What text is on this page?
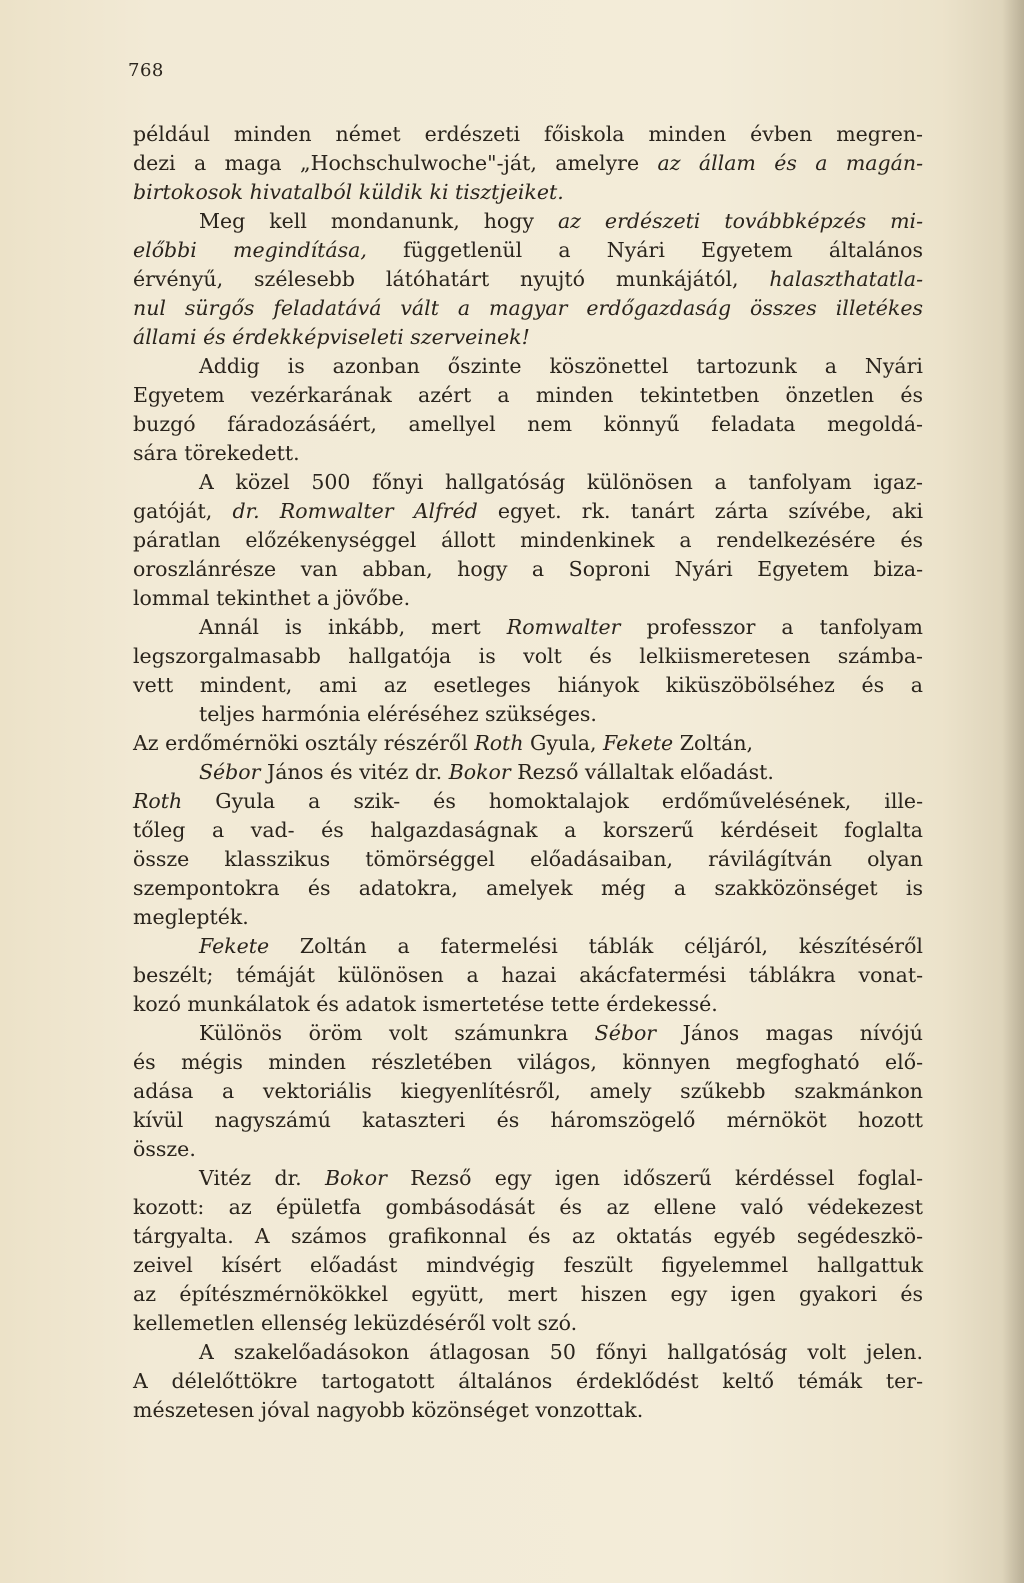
768

például minden német erdészeti főiskola minden évben megren-

dezi a maga „Hochschulwoche"-ját, amelyre az állam és a magán-

birtokosok hivatalból küldik ki tisztjeiket.

Meg kell mondanunk, hogy az erdészeti továbbképzés mi-

előbbi megindítása, függetlenül a Nyári Egyetem általános

érvényű, szélesebb látóhatárt nyujtó munkájától, halaszthatatla-

nul sürgős feladatává vált a magyar erdőgazdaság összes illetékes

állami és érdekképviseleti szerveinek!

Addig is azonban őszinte köszönettel tartozunk a Nyári

Egyetem vezérkarának azért a minden tekintetben önzetlen és

buzgó fáradozásáért, amellyel nem könnyű feladata megoldá-

sára törekedett.

A közel 500 főnyi hallgatóság különösen a tanfolyam igaz-

gatóját, dr. Romwalter Alfréd egyet. rk. tanárt zárta szívébe, aki

páratlan előzékenységgel állott mindenkinek a rendelkezésére és

oroszlánrésze van abban, hogy a Soproni Nyári Egyetem biza-

lommal tekinthet a jövőbe.

Annál is inkább, mert Romwalter professzor a tanfolyam

legszorgalmasabb hallgatója is volt és lelkiismeretesen számba-

vett mindent, ami az esetleges hiányok kiküszöbölséhez és a

teljes harmónia eléréséhez szükséges.

Az erdőmérnöki osztály részéről Roth Gyula, Fekete Zoltán,

Sébor János és vitéz dr. Bokor Rezső vállaltak előadást.

Roth Gyula a szik- és homoktalajok erdőművelésének, ille-

tőleg a vad- és halgazdaságnak a korszerű kérdéseit foglalta

össze klasszikus tömörséggel előadásaiban, rávilágítván olyan

szempontokra és adatokra, amelyek még a szakközönséget is

meglepték.

Fekete Zoltán a fatermelési táblák céljáról, készítéséről

beszélt; témáját különösen a hazai akácfatermési táblákra vonat-

kozó munkálatok és adatok ismertetése tette érdekessé.

Különös öröm volt számunkra Sébor János magas nívójú

és mégis minden részletében világos, könnyen megfogható elő-

adása a vektoriális kiegyenlítésről, amely szűkebb szakmánkon

kívül nagyszámú kataszteri és háromszögelő mérnököt hozott

össze.

Vitéz dr. Bokor Rezső egy igen időszerű kérdéssel foglal-

kozott: az épületfa gombásodását és az ellene való védekezest

tárgyalta. A számos grafikonnal és az oktatás egyéb segédeszkö-

zeivel kísért előadást mindvégig feszült figyelemmel hallgattuk

az építészmérnökökkel együtt, mert hiszen egy igen gyakori és

kellemetlen ellenség leküzdéséről volt szó.

A szakelőadásokon átlagosan 50 főnyi hallgatóság volt jelen.

A délelőttökre tartogatott általános érdeklődést keltő témák ter-

mészetesen jóval nagyobb közönséget vonzottak.
